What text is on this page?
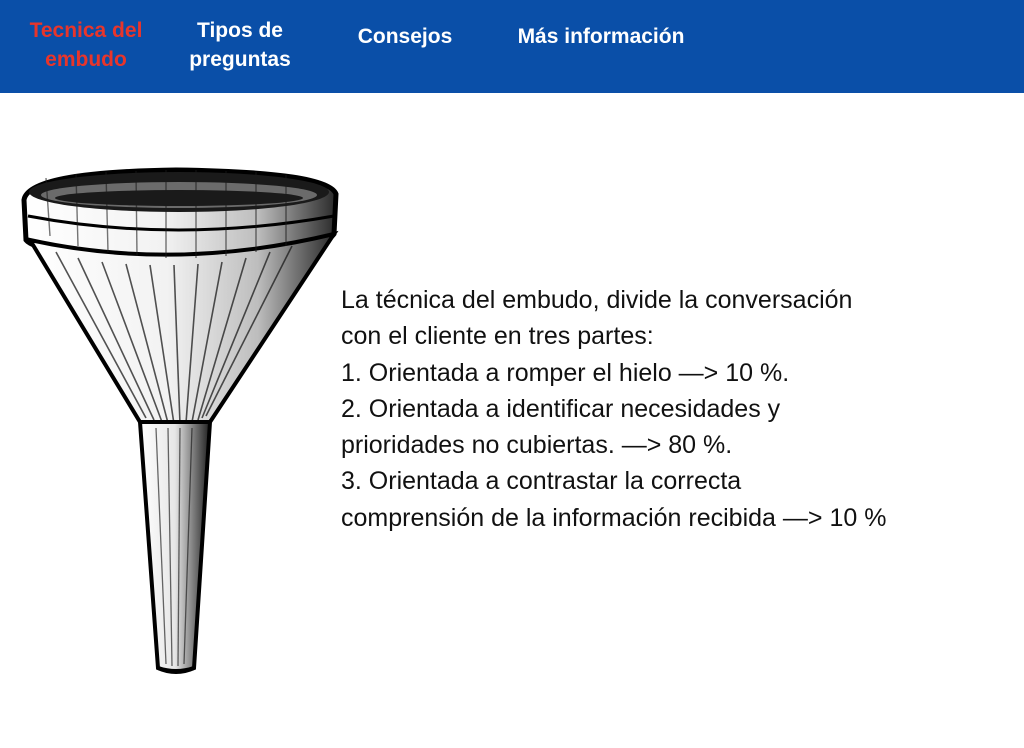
Tecnica del
embudo
Tipos de
preguntas
Consejos	Más información

La técnica del embudo, divide la conversación
con el cliente en tres partes:
1. Orientada a romper el hielo —> 10 %.
2. Orientada a identificar necesidades y
prioridades no cubiertas. —> 80 %.
3. Orientada a contrastar la correcta
comprensión de la información recibida —> 10 %
